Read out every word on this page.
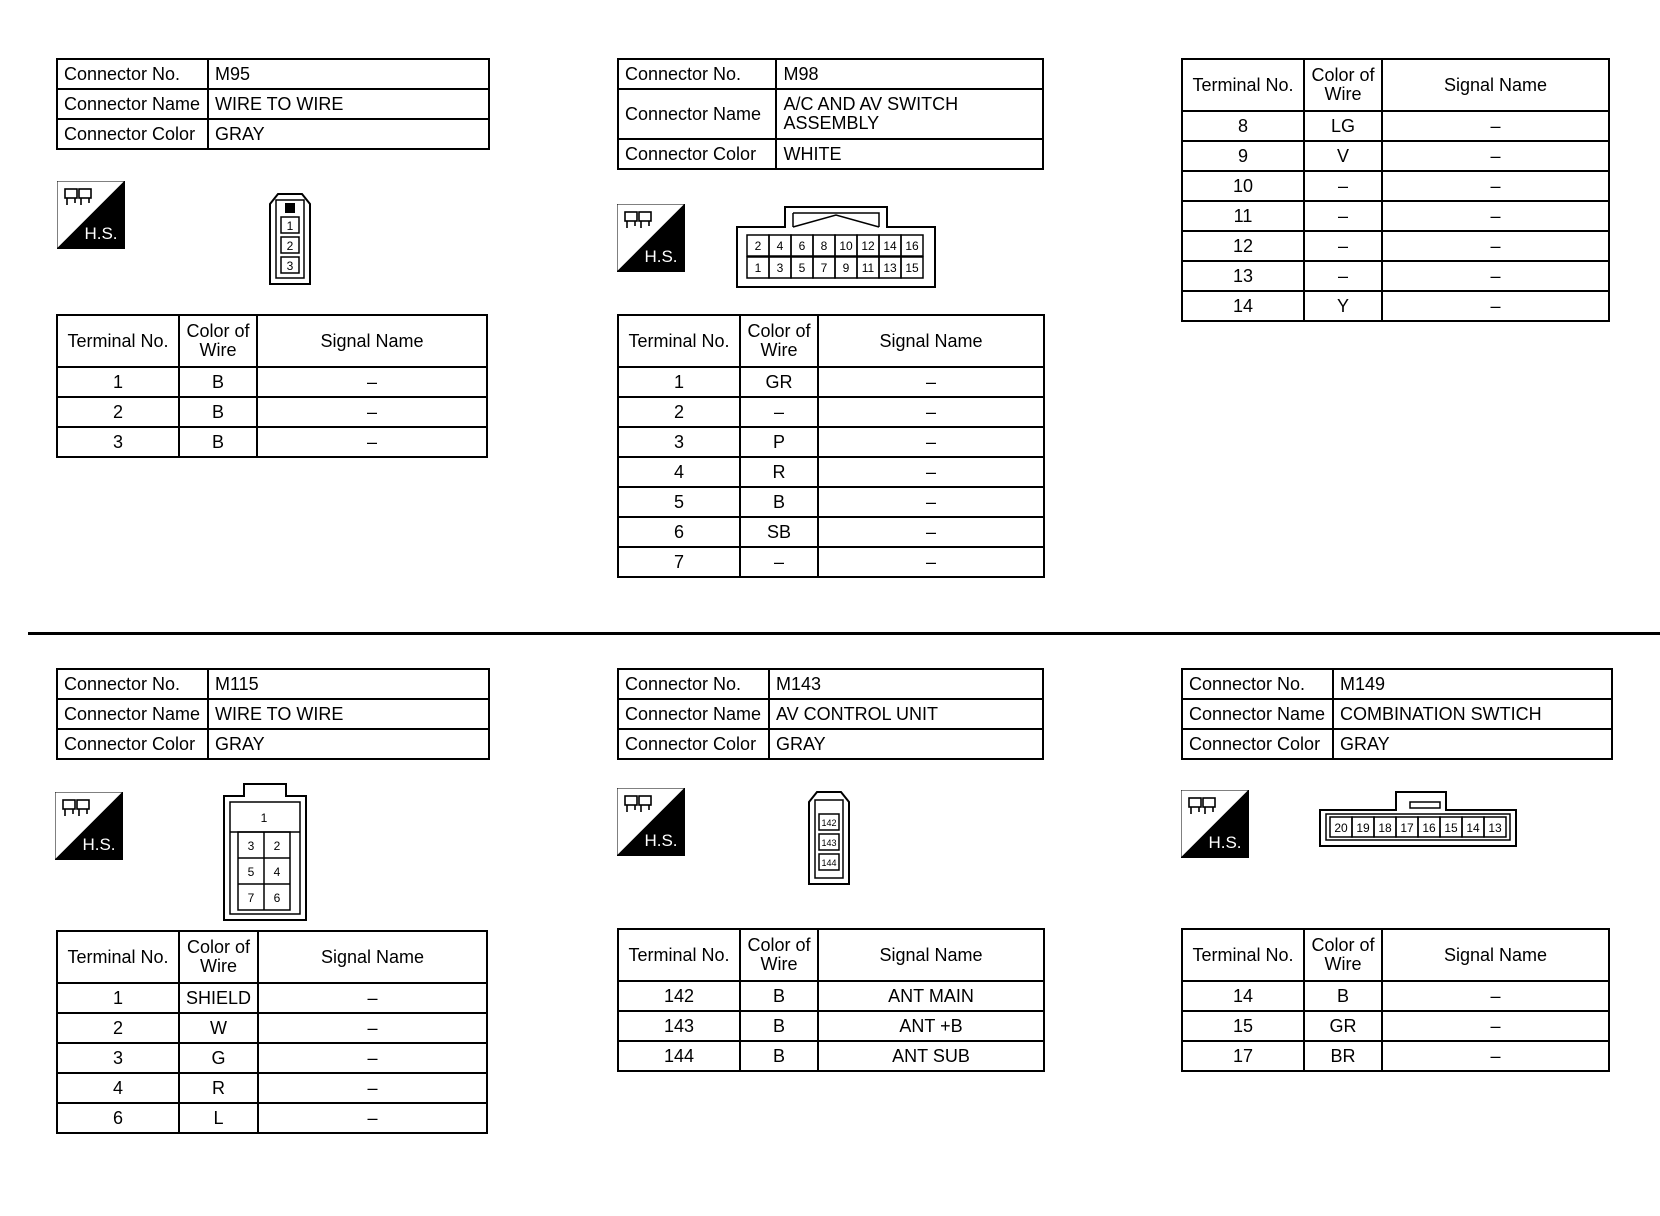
Connector No.	M95
Connector Name	WIRE TO WIRE
Connector Color	GRAY
H.S.	1
2
3
Terminal No.	Color of Wire	Signal Name
1	B	–
2	B	–
3	B	–
Connector No.	M98
Connector Name	A/C AND AV SWITCH ASSEMBLY
Connector Color	WHITE
H.S.
2 4 6 8 10 12 14 16
1 3 5 7 9 11 13 15
Terminal No.	Color of Wire	Signal Name
1	GR	–
2	–	–
3	P	–
4	R	–
5	B	–
6	SB	–
7	–	–
Terminal No.	Color of Wire	Signal Name
8	LG	–
9	V	–
10	–	–
11	–	–
12	–	–
13	–	–
14	Y	–
Connector No.	M115
Connector Name	WIRE TO WIRE
Connector Color	GRAY
H.S.
1
3 2
5 4
7 6
Terminal No.	Color of Wire	Signal Name
1	SHIELD	–
2	W	–
3	G	–
4	R	–
6	L	–
Connector No.	M143
Connector Name	AV CONTROL UNIT
Connector Color	GRAY
H.S.
142
143
144
Terminal No.	Color of Wire	Signal Name
142	B	ANT MAIN
143	B	ANT +B
144	B	ANT SUB
Connector No.	M149
Connector Name	COMBINATION SWTICH
Connector Color	GRAY
H.S.
20 19 18 17 16 15 14 13
Terminal No.	Color of Wire	Signal Name
14	B	–
15	GR	–
17	BR	–
